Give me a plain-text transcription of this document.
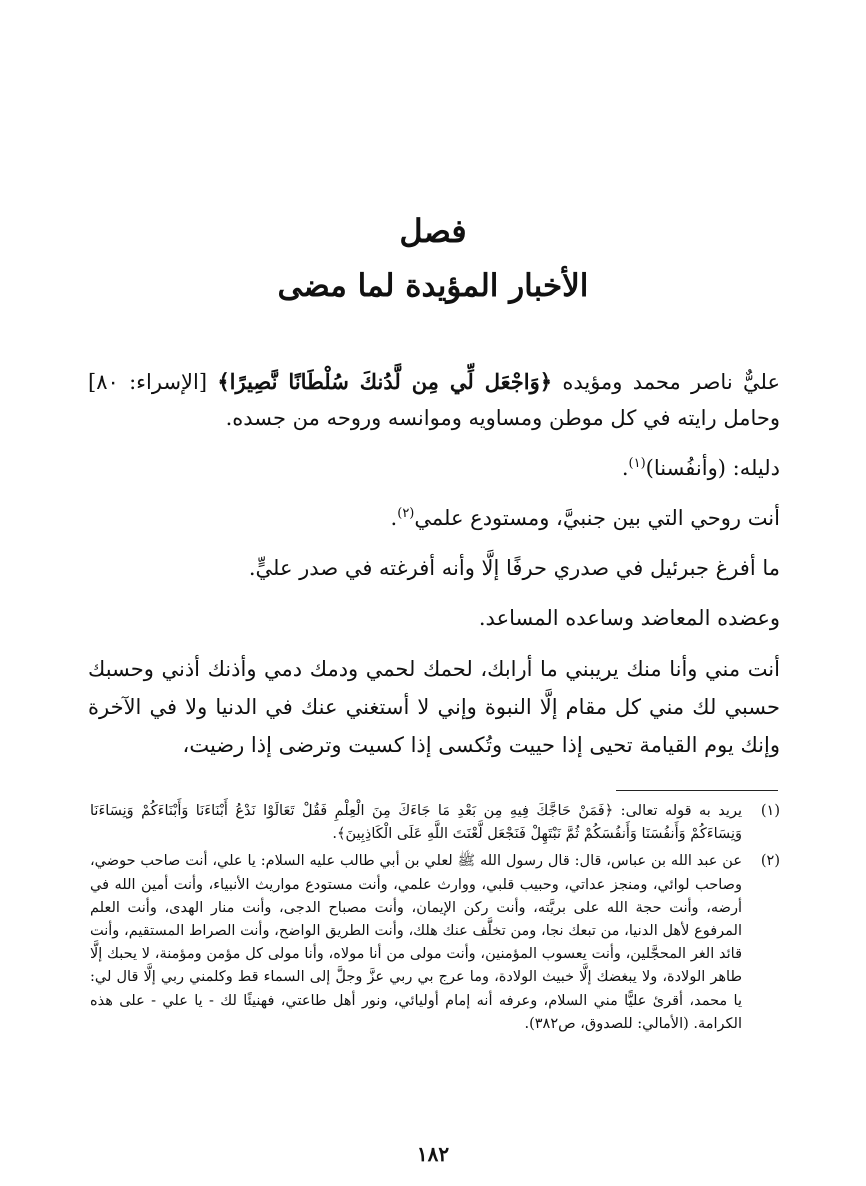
فصل
الأخبار المؤيدة لما مضى

عليٌّ ناصر محمد ومؤيده ﴿وَاجْعَل لِّي مِن لَّدُنكَ سُلْطَانًا نَّصِيرًا﴾ [الإسراء: ٨٠] وحامل رايته في كل موطن ومساويه وموانسه وروحه من جسده.

دليله: (وأنفُسنا)$^{(١)}$.

أنت روحي التي بين جنبيَّ، ومستودع علمي$^{(٢)}$.

ما أفرغ جبرئيل في صدري حرفًا إلَّا وأنه أفرغته في صدر عليٍّ.

وعضده المعاضد وساعده المساعد.

أنت مني وأنا منك يريبني ما أرابك، لحمك لحمي ودمك دمي وأذنك أذني وحسبك حسبي لك مني كل مقام إلَّا النبوة وإني لا أستغني عنك في الدنيا ولا في الآخرة وإنك يوم القيامة تحيى إذا حييت وتُكسى إذا كسيت وترضى إذا رضيت،

(١)
يريد به قوله تعالى: ﴿فَمَنْ حَاجَّكَ فِيهِ مِن بَعْدِ مَا جَاءَكَ مِنَ الْعِلْمِ فَقُلْ تَعَالَوْا نَدْعُ أَبْنَاءَنَا وَأَبْنَاءَكُمْ وَنِسَاءَنَا وَنِسَاءَكُمْ وَأَنفُسَنَا وَأَنفُسَكُمْ ثُمَّ نَبْتَهِلْ فَنَجْعَل لَّعْنَتَ اللَّهِ عَلَى الْكَاذِبِينَ﴾.
(٢)
عن عبد الله بن عباس، قال: قال رسول الله ﷺ لعلي بن أبي طالب عليه السلام: يا علي، أنت صاحب حوضي، وصاحب لوائي، ومنجز عداتي، وحبيب قلبي، ووارث علمي، وأنت مستودع مواريث الأنبياء، وأنت أمين الله في أرضه، وأنت حجة الله على بريَّته، وأنت ركن الإيمان، وأنت مصباح الدجى، وأنت منار الهدى، وأنت العلم المرفوع لأهل الدنيا، من تبعك نجا، ومن تخلَّف عنك هلك، وأنت الطريق الواضح، وأنت الصراط المستقيم، وأنت قائد الغر المحجَّلين، وأنت يعسوب المؤمنين، وأنت مولى من أنا مولاه، وأنا مولى كل مؤمن ومؤمنة، لا يحبك إلَّا طاهر الولادة، ولا يبغضك إلَّا خبيث الولادة، وما عرج بي ربي عزَّ وجلَّ إلى السماء قط وكلمني ربي إلَّا قال لي: يا محمد، أقرئ عليًّا مني السلام، وعرفه أنه إمام أوليائي، ونور أهل طاعتي، فهنيئًا لك - يا علي - على هذه الكرامة. (الأمالي: للصدوق، ص٣٨٢).
١٨٢
